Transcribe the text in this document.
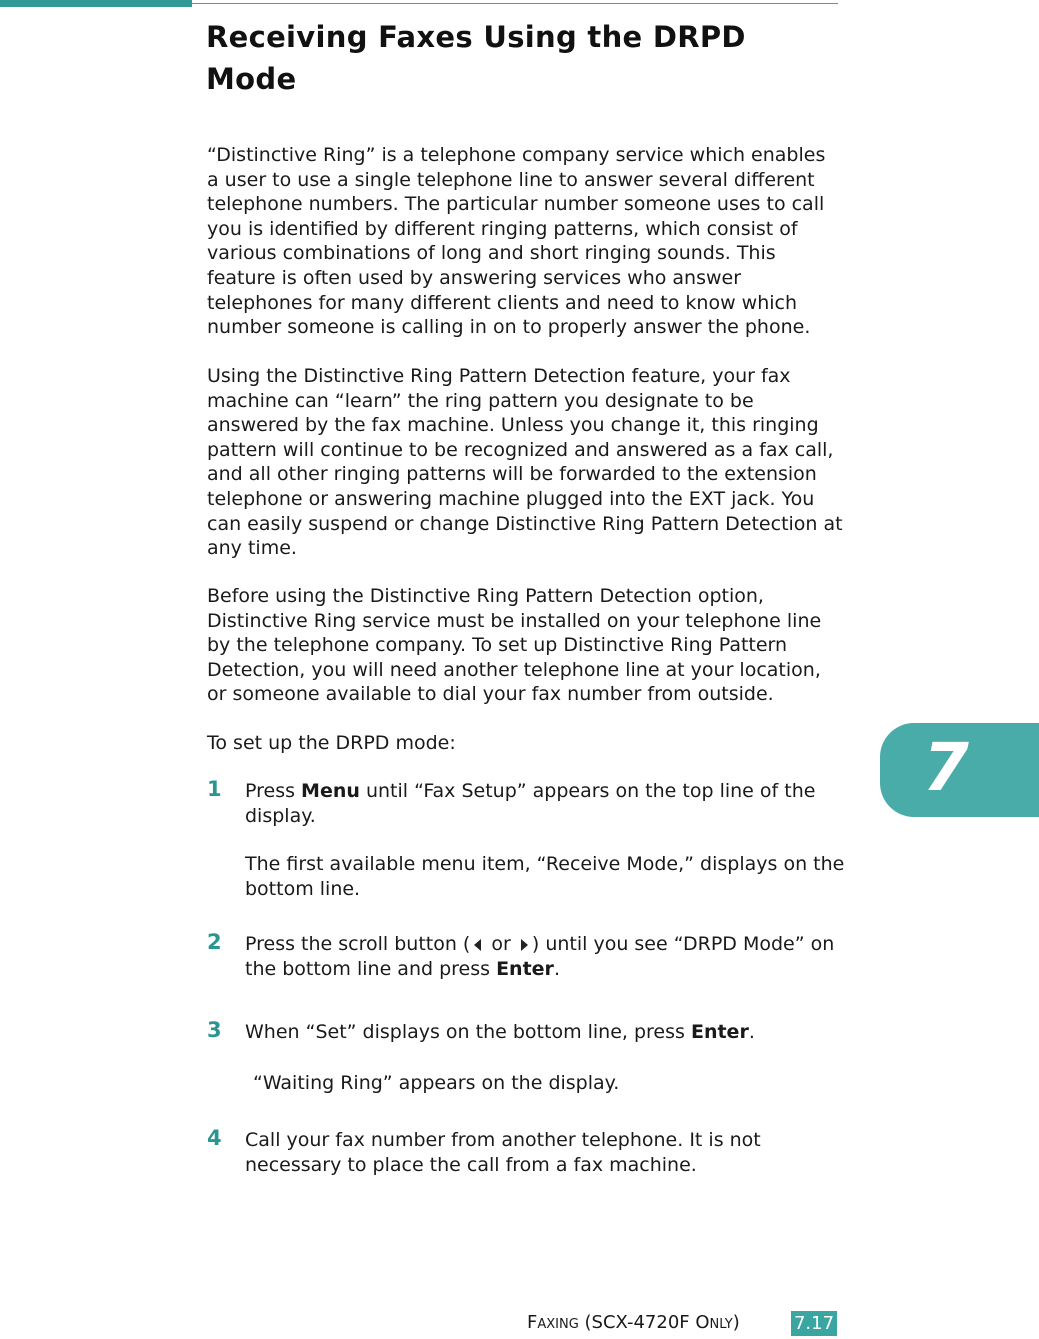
Receiving Faxes Using the DRPD Mode

“Distinctive Ring” is a telephone company service which enables a user to use a single telephone line to answer several different telephone numbers. The particular number someone uses to call you is identified by different ringing patterns, which consist of various combinations of long and short ringing sounds. This feature is often used by answering services who answer telephones for many different clients and need to know which number someone is calling in on to properly answer the phone.

Using the Distinctive Ring Pattern Detection feature, your fax machine can “learn” the ring pattern you designate to be answered by the fax machine. Unless you change it, this ringing pattern will continue to be recognized and answered as a fax call, and all other ringing patterns will be forwarded to the extension telephone or answering machine plugged into the EXT jack. You can easily suspend or change Distinctive Ring Pattern Detection at any time.

Before using the Distinctive Ring Pattern Detection option, Distinctive Ring service must be installed on your telephone line by the telephone company. To set up Distinctive Ring Pattern Detection, you will need another telephone line at your location, or someone available to dial your fax number from outside.

To set up the DRPD mode:

1 Press Menu until “Fax Setup” appears on the top line of the display.
The first available menu item, “Receive Mode,” displays on the bottom line.
2 Press the scroll button ( or ) until you see “DRPD Mode” on the bottom line and press Enter.
3 When “Set” displays on the bottom line, press Enter.
“Waiting Ring” appears on the display.
4 Call your fax number from another telephone. It is not necessary to place the call from a fax machine.
7
FAXING (SCX-4720F ONLY)	7.17
